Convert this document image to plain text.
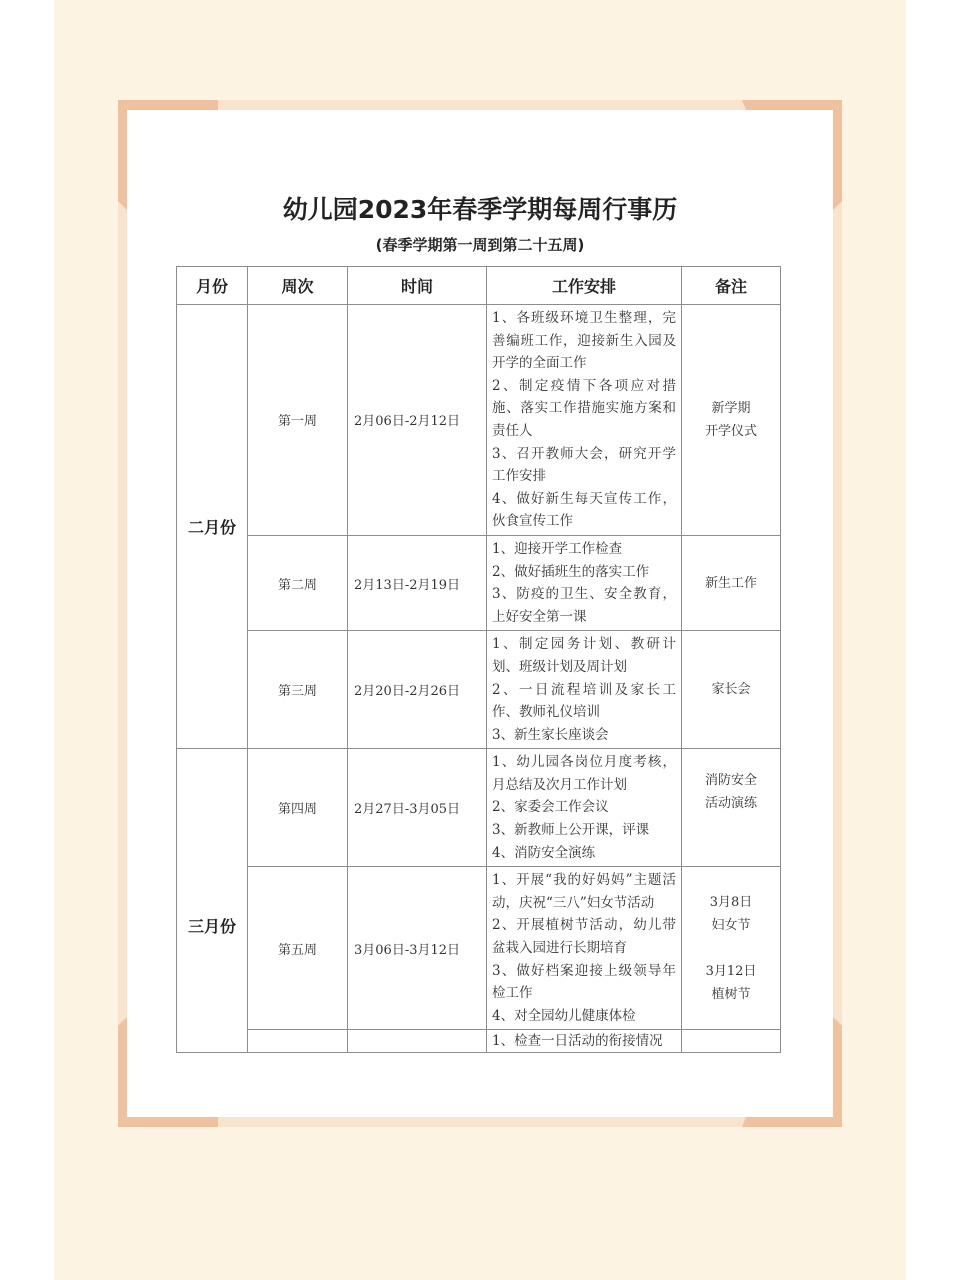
幼儿园2023年春季学期每周行事历
(春季学期第一周到第二十五周)
月份	周次	时间	工作安排	备注
二月份	第一周	2月06日-2月12日	1、各班级环境卫生整理，完善编班工作，迎接新生入园及开学的全面工作
2、制定疫情下各项应对措施、落实工作措施实施方案和责任人
3、召开教师大会，研究开学工作安排
4、做好新生每天宣传工作，伙食宣传工作	新学期
开学仪式

	第二周	2月13日-2月19日	1、迎接开学工作检查
2、做好插班生的落实工作
3、防疫的卫生、安全教育，上好安全第一课	新生工作

	第三周	2月20日-2月26日	1、制定园务计划、教研计划、班级计划及周计划
2、一日流程培训及家长工作、教师礼仪培训
3、新生家长座谈会	家长会

三月份	第四周	2月27日-3月05日	1、幼儿园各岗位月度考核，月总结及次月工作计划
2、家委会工作会议
3、新教师上公开课，评课
4、消防安全演练	消防安全
活动演练

	第五周	3月06日-3月12日	1、开展“我的好妈妈”主题活动，庆祝“三八”妇女节活动
2、开展植树节活动，幼儿带盆栽入园进行长期培育
3、做好档案迎接上级领导年检工作
4、对全园幼儿健康体检	3月8日
妇女节
3月12日
植树节

			1、检查一日活动的衔接情况	
